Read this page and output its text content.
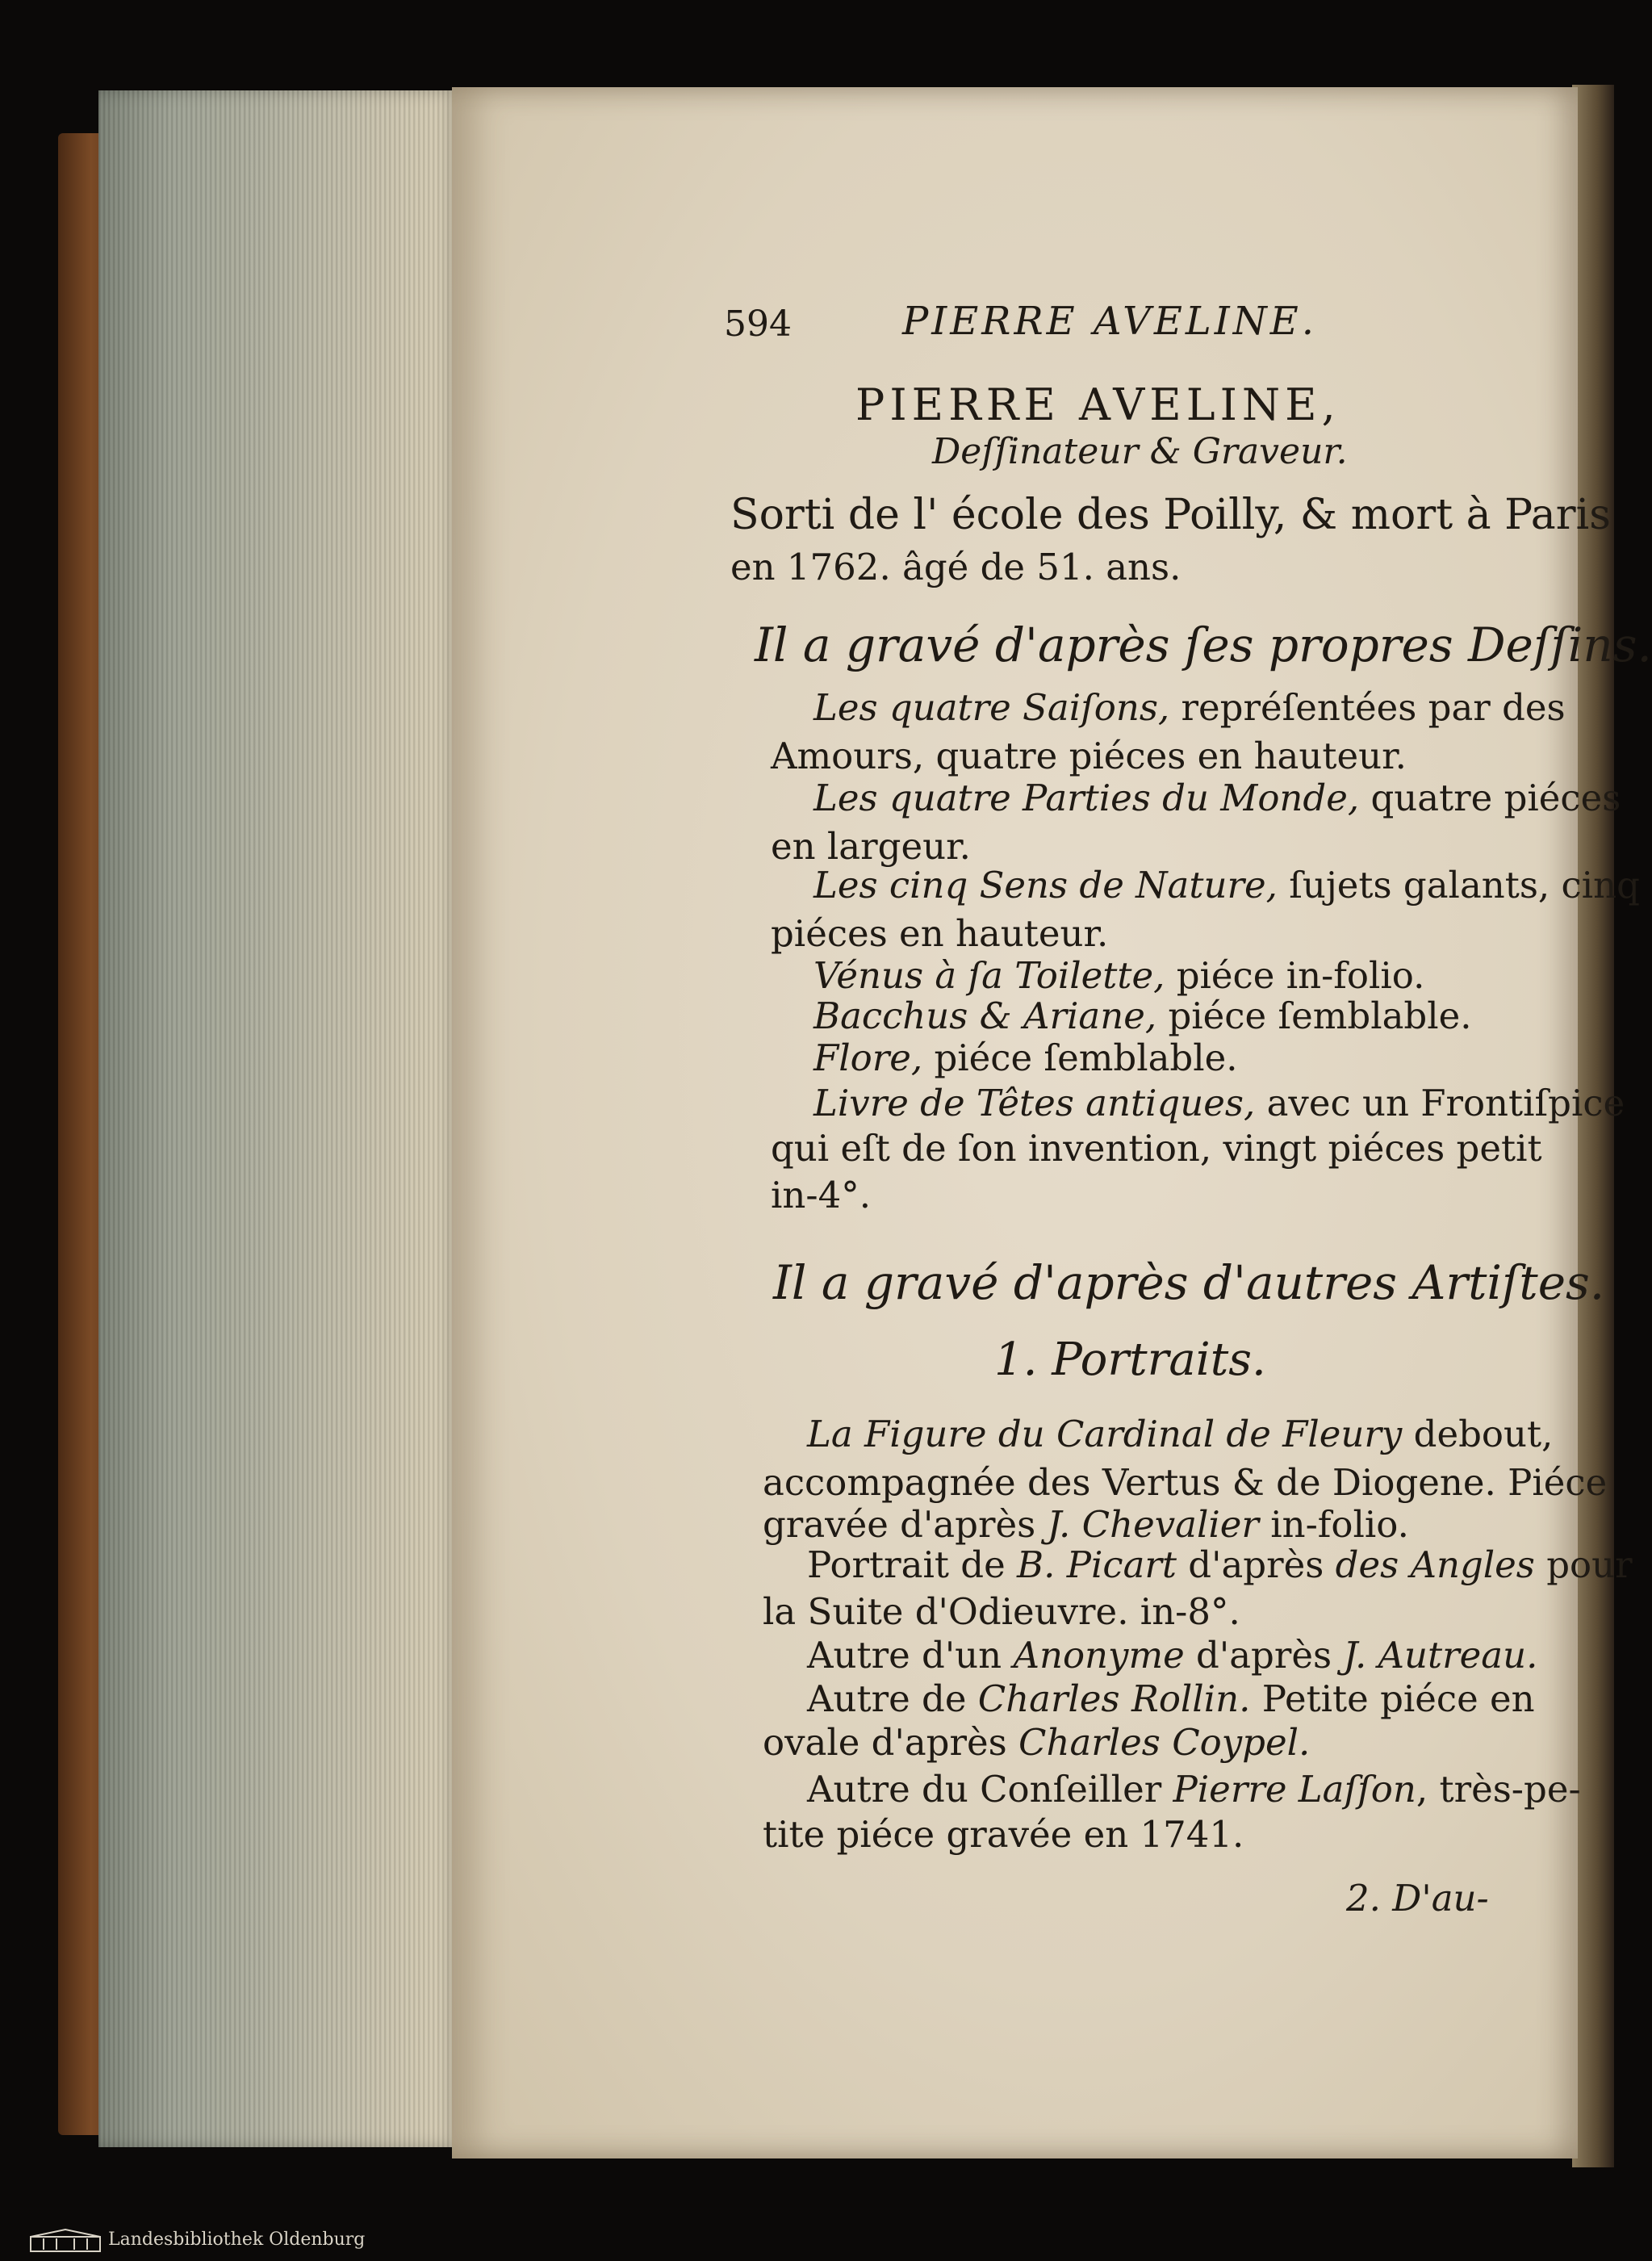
594	PIERRE AVELINE.
PIERRE AVELINE,
Deſſinateur & Graveur.
Sorti de l' école des Poilly, & mort à Paris
en 1762. âgé de 51. ans.
Il a gravé d'après ſes propres Deſſins.
Les quatre Saiſons, repréſentées par des
Amours, quatre piéces en hauteur.
Les quatre Parties du Monde, quatre piéces
en largeur.
Les cinq Sens de Nature, ſujets galants, cinq
piéces en hauteur.
Vénus à ſa Toilette, piéce in-folio.
Bacchus & Ariane, piéce ſemblable.
Flore, piéce ſemblable.
Livre de Têtes antiques, avec un Frontiſpice
qui eſt de ſon invention, vingt piéces petit
in-4°.
Il a gravé d'après d'autres Artiſtes.
1. Portraits.
La Figure du Cardinal de Fleury debout,
accompagnée des Vertus & de Diogene. Piéce
gravée d'après J. Chevalier in-folio.
Portrait de B. Picart d'après des Angles pour
la Suite d'Odieuvre. in-8°.
Autre d'un Anonyme d'après J. Autreau.
Autre de Charles Rollin. Petite piéce en
ovale d'après Charles Coypel.
Autre du Conſeiller Pierre Laſſon, très-pe-
tite piéce gravée en 1741.
2. D'au-
Landesbibliothek Oldenburg
